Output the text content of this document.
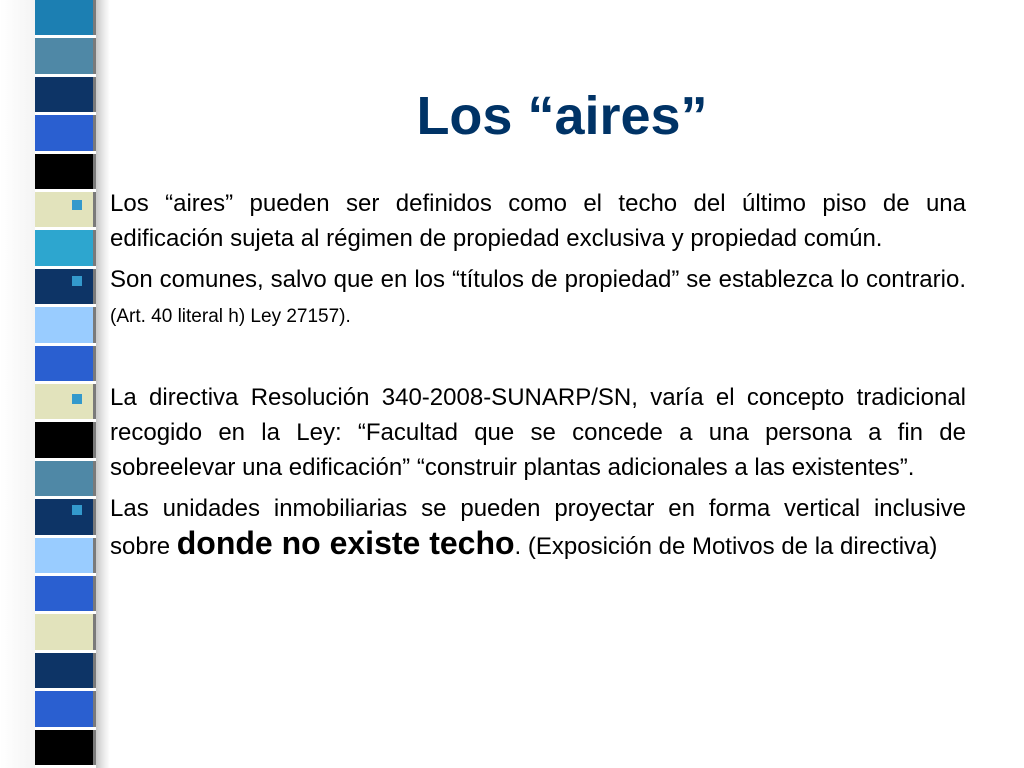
Los “aires”
Los “aires” pueden ser definidos como el techo del último piso de una edificación sujeta al régimen de propiedad exclusiva y propiedad común.
Son comunes, salvo que en los “títulos de propiedad” se establezca lo contrario. (Art. 40 literal h) Ley 27157).
La directiva Resolución 340-2008-SUNARP/SN, varía el concepto tradicional recogido en la Ley: “Facultad que se concede a una persona a fin de sobreelevar una edificación” “construir plantas adicionales a las existentes”.
Las unidades inmobiliarias se pueden proyectar en forma vertical inclusive sobre donde no existe techo. (Exposición de Motivos de la directiva)
